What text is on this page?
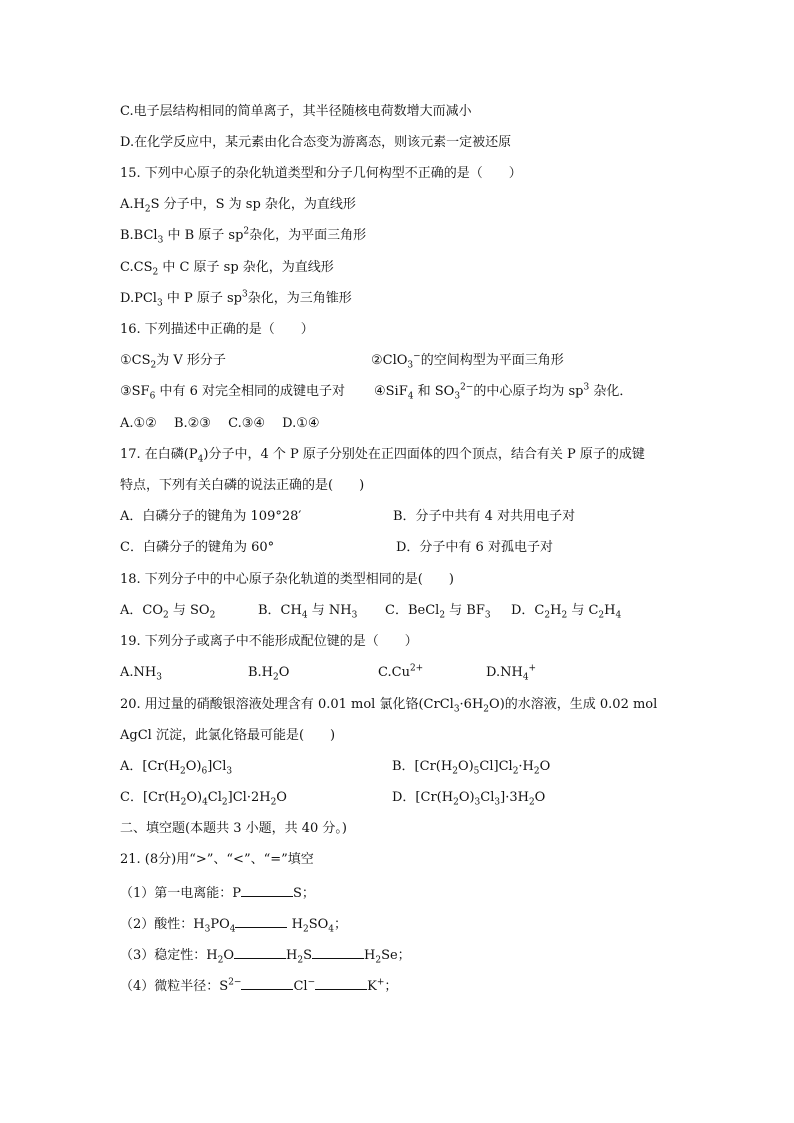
C.电子层结构相同的简单离子，其半径随核电荷数增大而减小
D.在化学反应中，某元素由化合态变为游离态，则该元素一定被还原
15. 下列中心原子的杂化轨道类型和分子几何构型不正确的是（　　）
$A.H_2S$ 分子中，S 为 sp 杂化，为直线形
B.BCl$_3$ 中 B 原子 $sp^2$杂化，为平面三角形
$C.CS_2$ 中 C 原子 sp 杂化，为直线形
D.PCl$_3$ 中 P 原子 $sp^3$杂化，为三角锥形
16. 下列描述中正确的是（　　）
$①CS_2$为 V 形分子	②ClO$_3$−的空间构型为平面三角形
$③SF_6$ 中有 6 对完全相同的成键电子对 ④SiF$_4$ 和 $SO_3^{2-}$的中心原子均为 $sp^3$ 杂化．
A.①②　 B.②③　 C.③④　 D.①④
17. 在白磷$(P_4)$分子中，4 个 P 原子分别处在正四面体的四个顶点，结合有关 P 原子的成键
特点，下列有关白磷的说法正确的是(　　)
A．白磷分子的键角为 109°28′	B．分子中共有 4 对共用电子对
C．白磷分子的键角为 60°	D．分子中有 6 对孤电子对
18. 下列分子中的中心原子杂化轨道的类型相同的是(　　)
A．$CO_2$ 与 $SO_2$	B．$CH_4$ 与 $NH_3$ C．BeCl$_2$ 与 $BF_3$ D．$C_2H_2$ 与 $C_2H_4$
19. 下列分子或离子中不能形成配位键的是（　　）
$A.NH_3$	$B.H_2O$	$C.Cu^{2+}$	$D.NH_4^+$
20. 用过量的硝酸银溶液处理含有 0.01 mol 氯化铬$(CrCl_3\cdot 6H_2O)$的水溶液，生成 0.02 mol
AgCl 沉淀，此氯化铬最可能是(　　)
A．$[Cr(H_2O)_6]Cl_3$	B．$[Cr(H_2O)_5Cl]Cl_2\cdot H_2O$
C．$[Cr(H_2O)_4Cl_2]Cl\cdot 2H_2O$	D．$[Cr(H_2O)_3Cl_3]\cdot 3H_2O$
二、填空题(本题共 3 小题，共 40 分。)
21. (8分)用“>”、“<”、“=”填空
（1）第一电离能：P	S；
（2）酸性：$H_3PO_4$	$H_2SO_4$；
（3）稳定性：$H_2O$	$H_2S$	$H_2Se$；
（4）微粒半径：$S^{2-}$	Cl−	K+；
